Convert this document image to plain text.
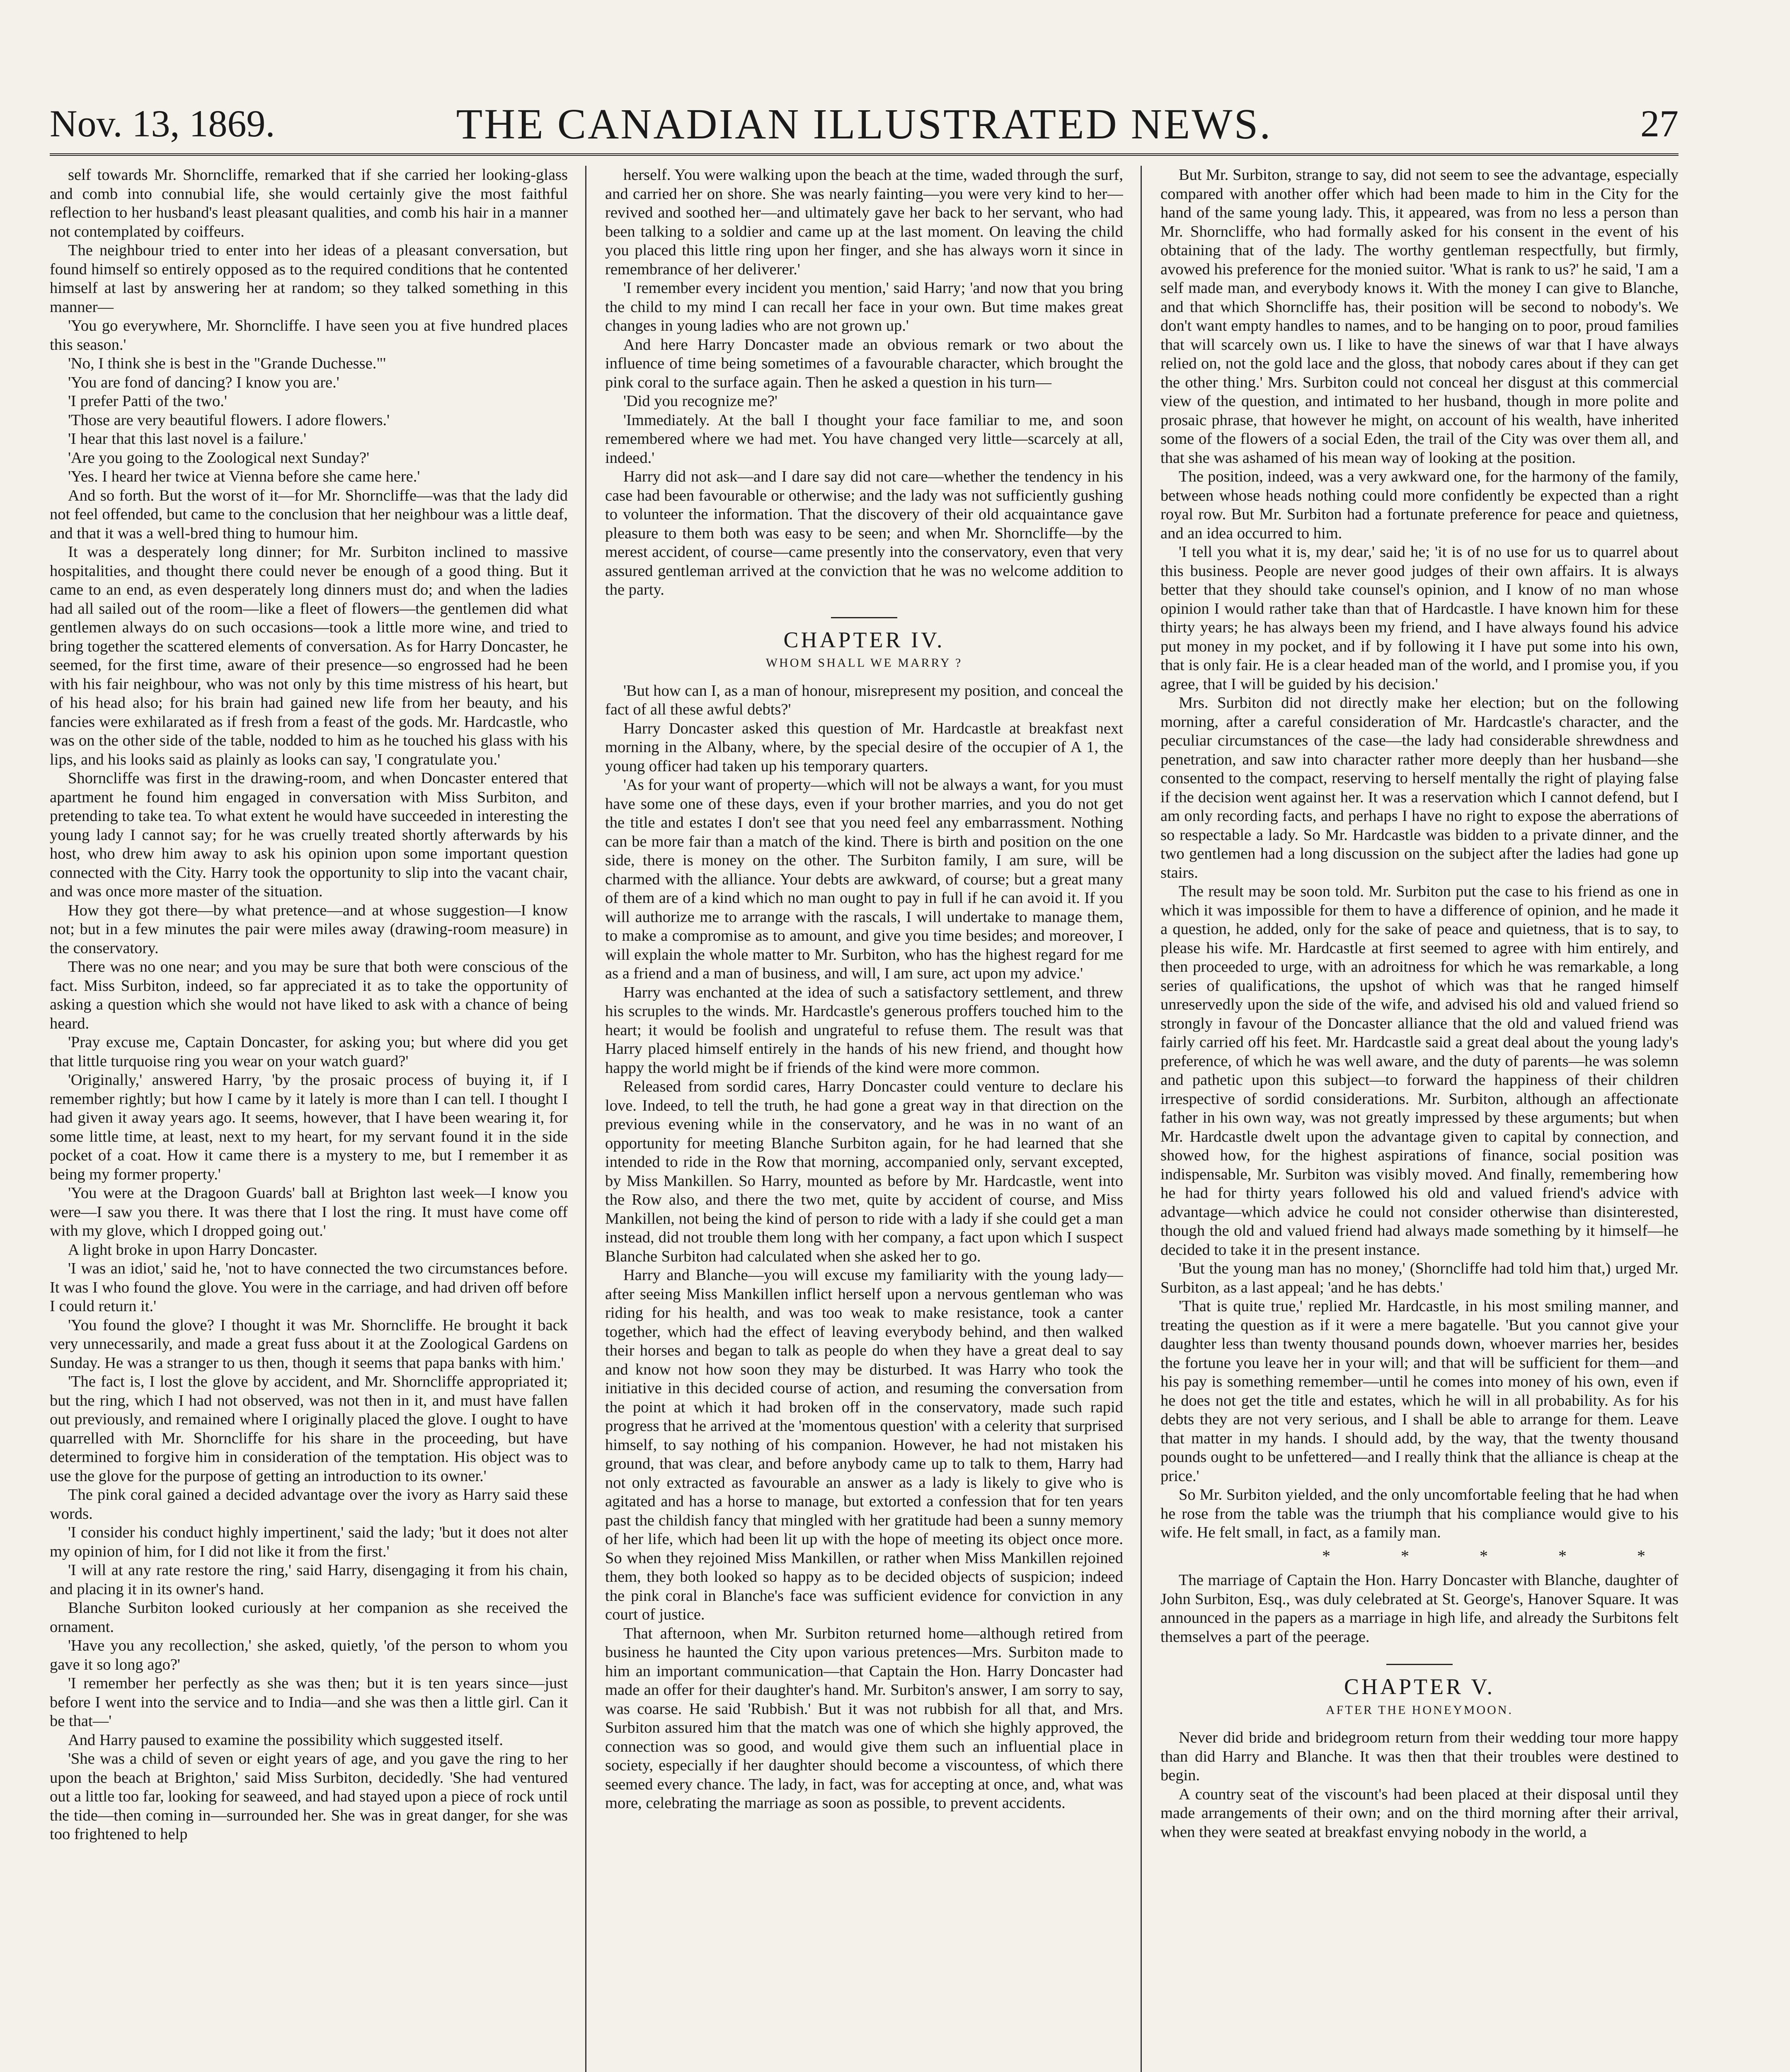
Nov. 13, 1869.	THE CANADIAN ILLUSTRATED NEWS.	27

self towards Mr. Shorncliffe, remarked that if she carried her looking-glass and comb into connubial life, she would certainly give the most faithful reflection to her husband's least pleasant qualities, and comb his hair in a manner not contemplated by coiffeurs.

The neighbour tried to enter into her ideas of a pleasant conversation, but found himself so entirely opposed as to the required conditions that he contented himself at last by answering her at random; so they talked something in this manner—

'You go everywhere, Mr. Shorncliffe. I have seen you at five hundred places this season.'

'No, I think she is best in the "Grande Duchesse."'

'You are fond of dancing? I know you are.'

'I prefer Patti of the two.'

'Those are very beautiful flowers. I adore flowers.'

'I hear that this last novel is a failure.'

'Are you going to the Zoological next Sunday?'

'Yes. I heard her twice at Vienna before she came here.'

And so forth. But the worst of it—for Mr. Shorncliffe—was that the lady did not feel offended, but came to the conclusion that her neighbour was a little deaf, and that it was a well-bred thing to humour him.

It was a desperately long dinner; for Mr. Surbiton inclined to massive hospitalities, and thought there could never be enough of a good thing. But it came to an end, as even desperately long dinners must do; and when the ladies had all sailed out of the room—like a fleet of flowers—the gentlemen did what gentlemen always do on such occasions—took a little more wine, and tried to bring together the scattered elements of conversation. As for Harry Doncaster, he seemed, for the first time, aware of their presence—so engrossed had he been with his fair neighbour, who was not only by this time mistress of his heart, but of his head also; for his brain had gained new life from her beauty, and his fancies were exhilarated as if fresh from a feast of the gods. Mr. Hardcastle, who was on the other side of the table, nodded to him as he touched his glass with his lips, and his looks said as plainly as looks can say, 'I congratulate you.'

Shorncliffe was first in the drawing-room, and when Doncaster entered that apartment he found him engaged in conversation with Miss Surbiton, and pretending to take tea. To what extent he would have succeeded in interesting the young lady I cannot say; for he was cruelly treated shortly afterwards by his host, who drew him away to ask his opinion upon some important question connected with the City. Harry took the opportunity to slip into the vacant chair, and was once more master of the situation.

How they got there—by what pretence—and at whose suggestion—I know not; but in a few minutes the pair were miles away (drawing-room measure) in the conservatory.

There was no one near; and you may be sure that both were conscious of the fact. Miss Surbiton, indeed, so far appreciated it as to take the opportunity of asking a question which she would not have liked to ask with a chance of being heard.

'Pray excuse me, Captain Doncaster, for asking you; but where did you get that little turquoise ring you wear on your watch guard?'

'Originally,' answered Harry, 'by the prosaic process of buying it, if I remember rightly; but how I came by it lately is more than I can tell. I thought I had given it away years ago. It seems, however, that I have been wearing it, for some little time, at least, next to my heart, for my servant found it in the side pocket of a coat. How it came there is a mystery to me, but I remember it as being my former property.'

'You were at the Dragoon Guards' ball at Brighton last week—I know you were—I saw you there. It was there that I lost the ring. It must have come off with my glove, which I dropped going out.'

A light broke in upon Harry Doncaster.

'I was an idiot,' said he, 'not to have connected the two circumstances before. It was I who found the glove. You were in the carriage, and had driven off before I could return it.'

'You found the glove? I thought it was Mr. Shorncliffe. He brought it back very unnecessarily, and made a great fuss about it at the Zoological Gardens on Sunday. He was a stranger to us then, though it seems that papa banks with him.'

'The fact is, I lost the glove by accident, and Mr. Shorncliffe appropriated it; but the ring, which I had not observed, was not then in it, and must have fallen out previously, and remained where I originally placed the glove. I ought to have quarrelled with Mr. Shorncliffe for his share in the proceeding, but have determined to forgive him in consideration of the temptation. His object was to use the glove for the purpose of getting an introduction to its owner.'

The pink coral gained a decided advantage over the ivory as Harry said these words.

'I consider his conduct highly impertinent,' said the lady; 'but it does not alter my opinion of him, for I did not like it from the first.'

'I will at any rate restore the ring,' said Harry, disengaging it from his chain, and placing it in its owner's hand.

Blanche Surbiton looked curiously at her companion as she received the ornament.

'Have you any recollection,' she asked, quietly, 'of the person to whom you gave it so long ago?'

'I remember her perfectly as she was then; but it is ten years since—just before I went into the service and to India—and she was then a little girl. Can it be that—'

And Harry paused to examine the possibility which suggested itself.

'She was a child of seven or eight years of age, and you gave the ring to her upon the beach at Brighton,' said Miss Surbiton, decidedly. 'She had ventured out a little too far, looking for seaweed, and had stayed upon a piece of rock until the tide—then coming in—surrounded her. She was in great danger, for she was too frightened to help

herself. You were walking upon the beach at the time, waded through the surf, and carried her on shore. She was nearly fainting—you were very kind to her—revived and soothed her—and ultimately gave her back to her servant, who had been talking to a soldier and came up at the last moment. On leaving the child you placed this little ring upon her finger, and she has always worn it since in remembrance of her deliverer.'

'I remember every incident you mention,' said Harry; 'and now that you bring the child to my mind I can recall her face in your own. But time makes great changes in young ladies who are not grown up.'

And here Harry Doncaster made an obvious remark or two about the influence of time being sometimes of a favourable character, which brought the pink coral to the surface again. Then he asked a question in his turn—

'Did you recognize me?'

'Immediately. At the ball I thought your face familiar to me, and soon remembered where we had met. You have changed very little—scarcely at all, indeed.'

Harry did not ask—and I dare say did not care—whether the tendency in his case had been favourable or otherwise; and the lady was not sufficiently gushing to volunteer the information. That the discovery of their old acquaintance gave pleasure to them both was easy to be seen; and when Mr. Shorncliffe—by the merest accident, of course—came presently into the conservatory, even that very assured gentleman arrived at the conviction that he was no welcome addition to the party.

CHAPTER IV.

WHOM SHALL WE MARRY ?

'But how can I, as a man of honour, misrepresent my position, and conceal the fact of all these awful debts?'

Harry Doncaster asked this question of Mr. Hardcastle at breakfast next morning in the Albany, where, by the special desire of the occupier of A 1, the young officer had taken up his temporary quarters.

'As for your want of property—which will not be always a want, for you must have some one of these days, even if your brother marries, and you do not get the title and estates I don't see that you need feel any embarrassment. Nothing can be more fair than a match of the kind. There is birth and position on the one side, there is money on the other. The Surbiton family, I am sure, will be charmed with the alliance. Your debts are awkward, of course; but a great many of them are of a kind which no man ought to pay in full if he can avoid it. If you will authorize me to arrange with the rascals, I will undertake to manage them, to make a compromise as to amount, and give you time besides; and moreover, I will explain the whole matter to Mr. Surbiton, who has the highest regard for me as a friend and a man of business, and will, I am sure, act upon my advice.'

Harry was enchanted at the idea of such a satisfactory settlement, and threw his scruples to the winds. Mr. Hardcastle's generous proffers touched him to the heart; it would be foolish and ungrateful to refuse them. The result was that Harry placed himself entirely in the hands of his new friend, and thought how happy the world might be if friends of the kind were more common.

Released from sordid cares, Harry Doncaster could venture to declare his love. Indeed, to tell the truth, he had gone a great way in that direction on the previous evening while in the conservatory, and he was in no want of an opportunity for meeting Blanche Surbiton again, for he had learned that she intended to ride in the Row that morning, accompanied only, servant excepted, by Miss Mankillen. So Harry, mounted as before by Mr. Hardcastle, went into the Row also, and there the two met, quite by accident of course, and Miss Mankillen, not being the kind of person to ride with a lady if she could get a man instead, did not trouble them long with her company, a fact upon which I suspect Blanche Surbiton had calculated when she asked her to go.

Harry and Blanche—you will excuse my familiarity with the young lady—after seeing Miss Mankillen inflict herself upon a nervous gentleman who was riding for his health, and was too weak to make resistance, took a canter together, which had the effect of leaving everybody behind, and then walked their horses and began to talk as people do when they have a great deal to say and know not how soon they may be disturbed. It was Harry who took the initiative in this decided course of action, and resuming the conversation from the point at which it had broken off in the conservatory, made such rapid progress that he arrived at the 'momentous question' with a celerity that surprised himself, to say nothing of his companion. However, he had not mistaken his ground, that was clear, and before anybody came up to talk to them, Harry had not only extracted as favourable an answer as a lady is likely to give who is agitated and has a horse to manage, but extorted a confession that for ten years past the childish fancy that mingled with her gratitude had been a sunny memory of her life, which had been lit up with the hope of meeting its object once more. So when they rejoined Miss Mankillen, or rather when Miss Mankillen rejoined them, they both looked so happy as to be decided objects of suspicion; indeed the pink coral in Blanche's face was sufficient evidence for conviction in any court of justice.

That afternoon, when Mr. Surbiton returned home—although retired from business he haunted the City upon various pretences—Mrs. Surbiton made to him an important communication—that Captain the Hon. Harry Doncaster had made an offer for their daughter's hand. Mr. Surbiton's answer, I am sorry to say, was coarse. He said 'Rubbish.' But it was not rubbish for all that, and Mrs. Surbiton assured him that the match was one of which she highly approved, the connection was so good, and would give them such an influential place in society, especially if her daughter should become a viscountess, of which there seemed every chance. The lady, in fact, was for accepting at once, and, what was more, celebrating the marriage as soon as possible, to prevent accidents.

But Mr. Surbiton, strange to say, did not seem to see the advantage, especially compared with another offer which had been made to him in the City for the hand of the same young lady. This, it appeared, was from no less a person than Mr. Shorncliffe, who had formally asked for his consent in the event of his obtaining that of the lady. The worthy gentleman respectfully, but firmly, avowed his preference for the monied suitor. 'What is rank to us?' he said, 'I am a self made man, and everybody knows it. With the money I can give to Blanche, and that which Shorncliffe has, their position will be second to nobody's. We don't want empty handles to names, and to be hanging on to poor, proud families that will scarcely own us. I like to have the sinews of war that I have always relied on, not the gold lace and the gloss, that nobody cares about if they can get the other thing.' Mrs. Surbiton could not conceal her disgust at this commercial view of the question, and intimated to her husband, though in more polite and prosaic phrase, that however he might, on account of his wealth, have inherited some of the flowers of a social Eden, the trail of the City was over them all, and that she was ashamed of his mean way of looking at the position.

The position, indeed, was a very awkward one, for the harmony of the family, between whose heads nothing could more confidently be expected than a right royal row. But Mr. Surbiton had a fortunate preference for peace and quietness, and an idea occurred to him.

'I tell you what it is, my dear,' said he; 'it is of no use for us to quarrel about this business. People are never good judges of their own affairs. It is always better that they should take counsel's opinion, and I know of no man whose opinion I would rather take than that of Hardcastle. I have known him for these thirty years; he has always been my friend, and I have always found his advice put money in my pocket, and if by following it I have put some into his own, that is only fair. He is a clear headed man of the world, and I promise you, if you agree, that I will be guided by his decision.'

Mrs. Surbiton did not directly make her election; but on the following morning, after a careful consideration of Mr. Hardcastle's character, and the peculiar circumstances of the case—the lady had considerable shrewdness and penetration, and saw into character rather more deeply than her husband—she consented to the compact, reserving to herself mentally the right of playing false if the decision went against her. It was a reservation which I cannot defend, but I am only recording facts, and perhaps I have no right to expose the aberrations of so respectable a lady. So Mr. Hardcastle was bidden to a private dinner, and the two gentlemen had a long discussion on the subject after the ladies had gone up stairs.

The result may be soon told. Mr. Surbiton put the case to his friend as one in which it was impossible for them to have a difference of opinion, and he made it a question, he added, only for the sake of peace and quietness, that is to say, to please his wife. Mr. Hardcastle at first seemed to agree with him entirely, and then proceeded to urge, with an adroitness for which he was remarkable, a long series of qualifications, the upshot of which was that he ranged himself unreservedly upon the side of the wife, and advised his old and valued friend so strongly in favour of the Doncaster alliance that the old and valued friend was fairly carried off his feet. Mr. Hardcastle said a great deal about the young lady's preference, of which he was well aware, and the duty of parents—he was solemn and pathetic upon this subject—to forward the happiness of their children irrespective of sordid considerations. Mr. Surbiton, although an affectionate father in his own way, was not greatly impressed by these arguments; but when Mr. Hardcastle dwelt upon the advantage given to capital by connection, and showed how, for the highest aspirations of finance, social position was indispensable, Mr. Surbiton was visibly moved. And finally, remembering how he had for thirty years followed his old and valued friend's advice with advantage—which advice he could not consider otherwise than disinterested, though the old and valued friend had always made something by it himself—he decided to take it in the present instance.

'But the young man has no money,' (Shorncliffe had told him that,) urged Mr. Surbiton, as a last appeal; 'and he has debts.'

'That is quite true,' replied Mr. Hardcastle, in his most smiling manner, and treating the question as if it were a mere bagatelle. 'But you cannot give your daughter less than twenty thousand pounds down, whoever marries her, besides the fortune you leave her in your will; and that will be sufficient for them—and his pay is something remember—until he comes into money of his own, even if he does not get the title and estates, which he will in all probability. As for his debts they are not very serious, and I shall be able to arrange for them. Leave that matter in my hands. I should add, by the way, that the twenty thousand pounds ought to be unfettered—and I really think that the alliance is cheap at the price.'

So Mr. Surbiton yielded, and the only uncomfortable feeling that he had when he rose from the table was the triumph that his compliance would give to his wife. He felt small, in fact, as a family man.

* * * * *

The marriage of Captain the Hon. Harry Doncaster with Blanche, daughter of John Surbiton, Esq., was duly celebrated at St. George's, Hanover Square. It was announced in the papers as a marriage in high life, and already the Surbitons felt themselves a part of the peerage.

CHAPTER V.

AFTER THE HONEYMOON.

Never did bride and bridegroom return from their wedding tour more happy than did Harry and Blanche. It was then that their troubles were destined to begin.

A country seat of the viscount's had been placed at their disposal until they made arrangements of their own; and on the third morning after their arrival, when they were seated at breakfast envying nobody in the world, a
